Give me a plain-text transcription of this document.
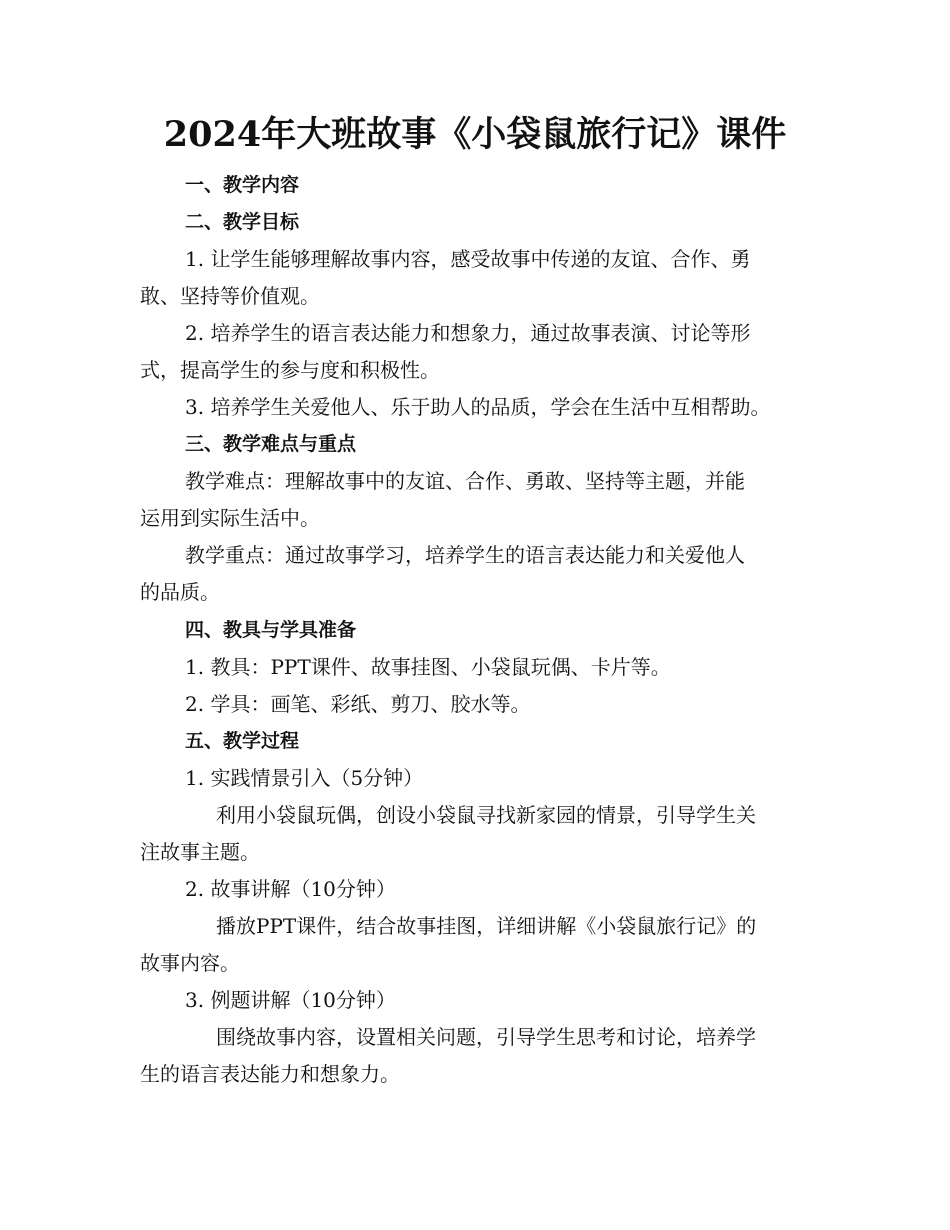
2024年大班故事《小袋鼠旅行记》课件

一、教学内容

二、教学目标

1. 让学生能够理解故事内容，感受故事中传递的友谊、合作、勇

敢、坚持等价值观。

2. 培养学生的语言表达能力和想象力，通过故事表演、讨论等形

式，提高学生的参与度和积极性。

3. 培养学生关爱他人、乐于助人的品质，学会在生活中互相帮助。

三、教学难点与重点

教学难点：理解故事中的友谊、合作、勇敢、坚持等主题，并能

运用到实际生活中。

教学重点：通过故事学习，培养学生的语言表达能力和关爱他人

的品质。

四、教具与学具准备

1. 教具：PPT课件、故事挂图、小袋鼠玩偶、卡片等。

2. 学具：画笔、彩纸、剪刀、胶水等。

五、教学过程

1. 实践情景引入（5分钟）

利用小袋鼠玩偶，创设小袋鼠寻找新家园的情景，引导学生关

注故事主题。

2. 故事讲解（10分钟）

播放PPT课件，结合故事挂图，详细讲解《小袋鼠旅行记》的

故事内容。

3. 例题讲解（10分钟）

围绕故事内容，设置相关问题，引导学生思考和讨论，培养学

生的语言表达能力和想象力。
